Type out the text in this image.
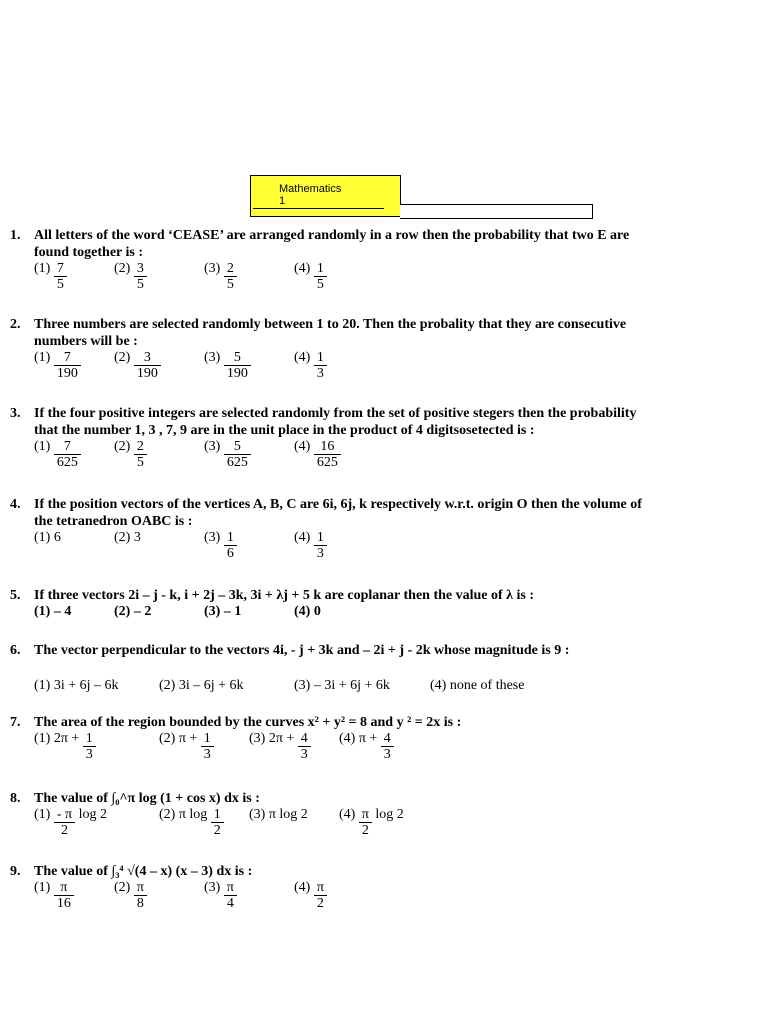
Mathematics 1
1. All letters of the word ‘CEASE’ are arranged randomly in a row then the probability that two E are found together is :
$(1) \frac{7}{5}$	$(2) \frac{3}{5}$	$(3) \frac{2}{5}$	$(4) \frac{1}{5}$
2. Three numbers are selected randomly between 1 to 20. Then the probality that they are consecutive numbers will be :
$(1) \frac{7}{190} (2) \frac{3}{190}$	$(3) \frac{5}{190}$	$(4) \frac{1}{3}$
3. If the four positive integers are selected randomly from the set of positive stegers then the probability that the number 1, 3 , 7, 9 are in the unit place in the product of 4 digitsosetected is :
$(1) \frac{7}{625} (2) \frac{2}{5}$	$(3) \frac{5}{625}$	$(4) \frac{16}{625}$
4. If the position vectors of the vertices A, B, C are 6i, 6j, k respectively w.r.t. origin O then the volume of the tetranedron OABC is :
(1) 6	(2) 3	$(3) \frac{1}{6}$	$(4) \frac{1}{3}$
5. If three vectors 2i – j - k, i + 2j – 3k, 3i + λj + 5 k are coplanar then the value of λ is :
(1) – 4	(2) – 2	(3) – 1	(4) 0
6. The vector perpendicular to the vectors 4i, - j + 3k and – 2i + j - 2k whose magnitude is 9 :
(1) 3i + 6j – 6k	(2) 3i – 6j + 6k	(3) – 3i + 6j + 6k	(4) none of these
7. The area of the region bounded by the curves x² + y² = 8 and y ² = 2x is :
(1) $2\pi + \frac{1}{3}$	(2) $\pi + \frac{1}{3}$	(3) $2\pi + \frac{4}{3} (4) \pi + \frac{4}{3}$
8. The value of ∫₀^π log (1 + cos x) dx is :
$(1) \frac{- \pi}{2}$ log 2	(2) π $\log \frac{1}{2} (3)$ π log 2 $(4) \frac{\pi}{2}$ log 2
9. The value of ∫₃⁴ √(4 – x) (x – 3) dx is :
$(1) \frac{\pi}{16}$	$(2) \frac{\pi}{8}$	$(3) \frac{\pi}{4}$	$(4) \frac{\pi}{2}$
